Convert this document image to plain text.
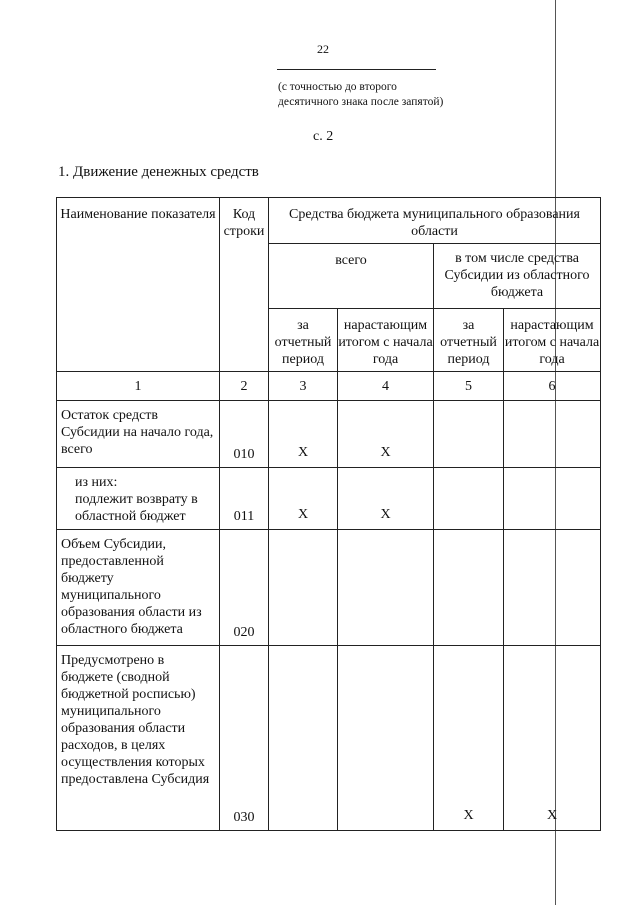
22
(с точностью до второго десятичного знака после запятой)
с. 2
1. Движение денежных средств
Наименование показателя	Код строки	Средства бюджета муниципального образования области			
		всего		в том числе средства Субсидии из областного бюджета	
		за отчетный период	нарастающим итогом с начала года	за отчетный период	нарастающим итогом с начала года
1	2	3	4	5	6
Остаток средств Субсидии на начало года, всего	010	X	X		

из них:
подлежит возврату в областной бюджет	011	X	X		
Объем Субсидии, предоставленной бюджету муниципального образования области из областного бюджета	020				
Предусмотрено в бюджете (сводной бюджетной росписью) муниципального образования области расходов, в целях осуществления которых предоставлена Субсидия	030			X	X
